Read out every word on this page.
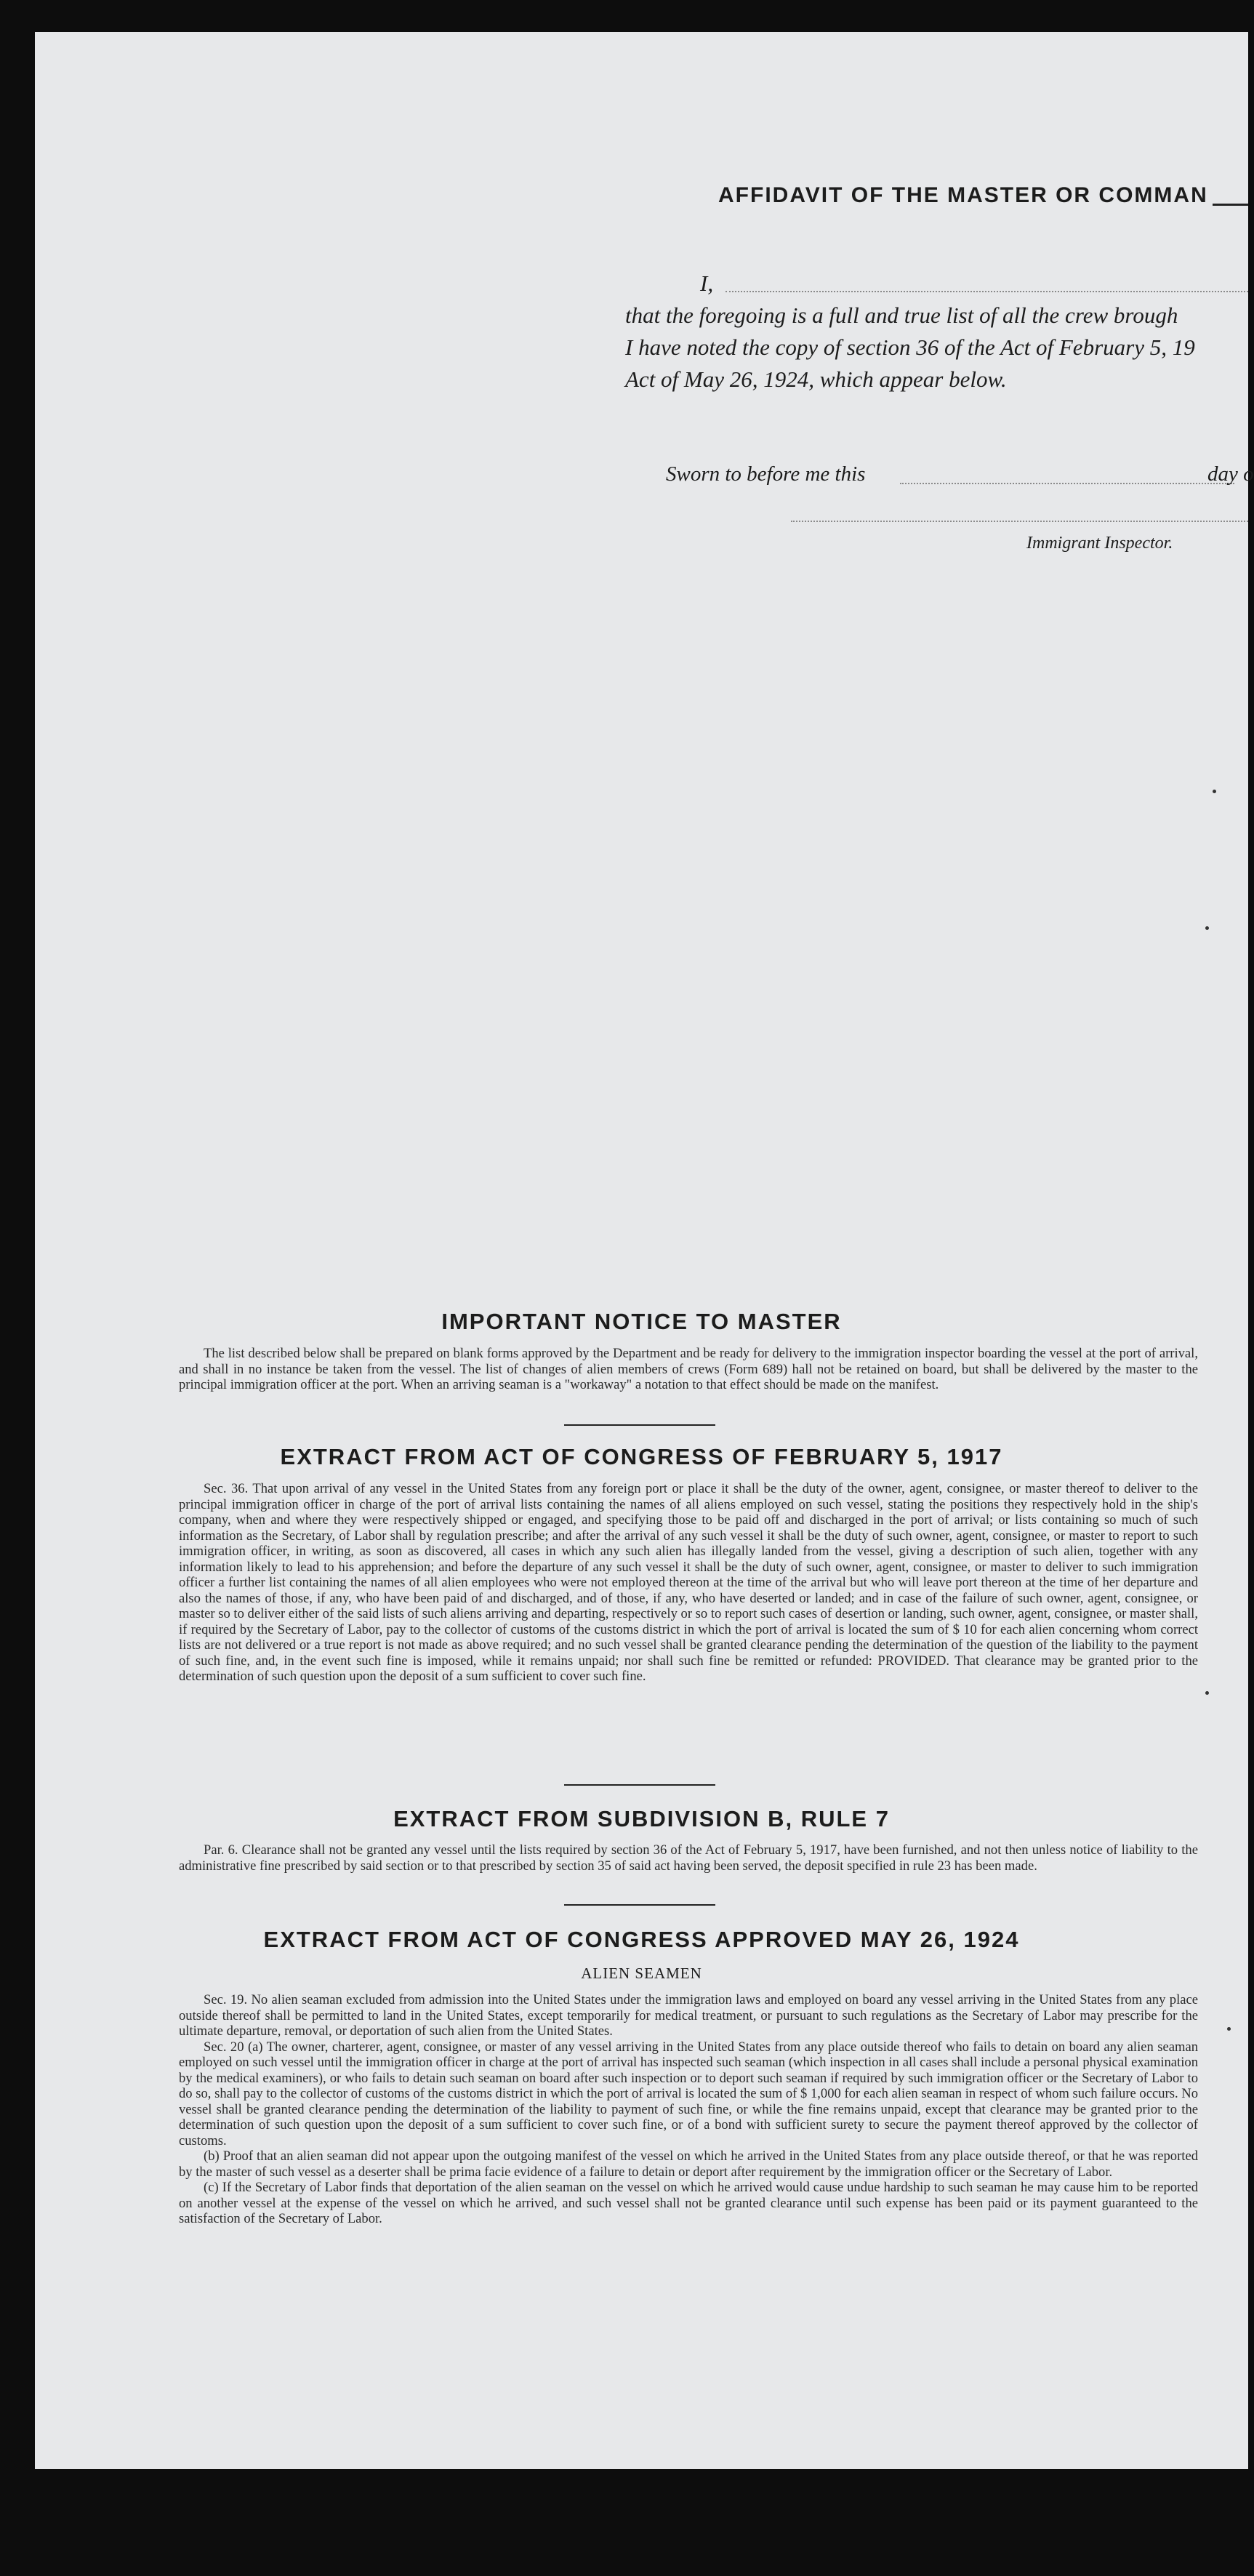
AFFIDAVIT OF THE MASTER OR COMMAN
I,
that the foregoing is a full and true list of all the crew brough
I have noted the copy of section 36 of the Act of February 5, 19
Act of May 26, 1924, which appear below.
Sworn to before me this	day o
Immigrant Inspector.
IMPORTANT NOTICE TO MASTER

The list described below shall be prepared on blank forms approved by the Department and be ready for delivery to the immigration inspector boarding the vessel at the port of arrival, and shall in no instance be taken from the vessel. The list of changes of alien members of crews (Form 689) hall not be retained on board, but shall be delivered by the master to the principal immigration officer at the port. When an arriving seaman is a "workaway" a notation to that effect should be made on the manifest.

EXTRACT FROM ACT OF CONGRESS OF FEBRUARY 5, 1917

Sec. 36. That upon arrival of any vessel in the United States from any foreign port or place it shall be the duty of the owner, agent, consignee, or master thereof to deliver to the principal immigration officer in charge of the port of arrival lists containing the names of all aliens employed on such vessel, stating the positions they respectively hold in the ship's company, when and where they were respectively shipped or engaged, and specifying those to be paid off and discharged in the port of arrival; or lists containing so much of such information as the Secretary, of Labor shall by regulation prescribe; and after the arrival of any such vessel it shall be the duty of such owner, agent, consignee, or master to report to such immigration officer, in writing, as soon as discovered, all cases in which any such alien has illegally landed from the vessel, giving a description of such alien, together with any information likely to lead to his apprehension; and before the departure of any such vessel it shall be the duty of such owner, agent, consignee, or master to deliver to such immigration officer a further list containing the names of all alien employees who were not employed thereon at the time of the arrival but who will leave port thereon at the time of her departure and also the names of those, if any, who have been paid of and discharged, and of those, if any, who have deserted or landed; and in case of the failure of such owner, agent, consignee, or master so to deliver either of the said lists of such aliens arriving and departing, respectively or so to report such cases of desertion or landing, such owner, agent, consignee, or master shall, if required by the Secretary of Labor, pay to the collector of customs of the customs district in which the port of arrival is located the sum of $ 10 for each alien concerning whom correct lists are not delivered or a true report is not made as above required; and no such vessel shall be granted clearance pending the determination of the question of the liability to the payment of such fine, and, in the event such fine is imposed, while it remains unpaid; nor shall such fine be remitted or refunded: PROVIDED. That clearance may be granted prior to the determination of such question upon the deposit of a sum sufficient to cover such fine.

EXTRACT FROM SUBDIVISION B, RULE 7

Par. 6. Clearance shall not be granted any vessel until the lists required by section 36 of the Act of February 5, 1917, have been furnished, and not then unless notice of liability to the administrative fine prescribed by said section or to that prescribed by section 35 of said act having been served, the deposit specified in rule 23 has been made.

EXTRACT FROM ACT OF CONGRESS APPROVED MAY 26, 1924
ALIEN SEAMEN

Sec. 19. No alien seaman excluded from admission into the United States under the immigration laws and employed on board any vessel arriving in the United States from any place outside thereof shall be permitted to land in the United States, except temporarily for medical treatment, or pursuant to such regulations as the Secretary of Labor may prescribe for the ultimate departure, removal, or deportation of such alien from the United States.

Sec. 20 (a) The owner, charterer, agent, consignee, or master of any vessel arriving in the United States from any place outside thereof who fails to detain on board any alien seaman employed on such vessel until the immigration officer in charge at the port of arrival has inspected such seaman (which inspection in all cases shall include a personal physical examination by the medical examiners), or who fails to detain such seaman on board after such inspection or to deport such seaman if required by such immigration officer or the Secretary of Labor to do so, shall pay to the collector of customs of the customs district in which the port of arrival is located the sum of $ 1,000 for each alien seaman in respect of whom such failure occurs. No vessel shall be granted clearance pending the determination of the liability to payment of such fine, or while the fine remains unpaid, except that clearance may be granted prior to the determination of such question upon the deposit of a sum sufficient to cover such fine, or of a bond with sufficient surety to secure the payment thereof approved by the collector of customs.

(b) Proof that an alien seaman did not appear upon the outgoing manifest of the vessel on which he arrived in the United States from any place outside thereof, or that he was reported by the master of such vessel as a deserter shall be prima facie evidence of a failure to detain or deport after requirement by the immigration officer or the Secretary of Labor.

(c) If the Secretary of Labor finds that deportation of the alien seaman on the vessel on which he arrived would cause undue hardship to such seaman he may cause him to be reported on another vessel at the expense of the vessel on which he arrived, and such vessel shall not be granted clearance until such expense has been paid or its payment guaranteed to the satisfaction of the Secretary of Labor.
